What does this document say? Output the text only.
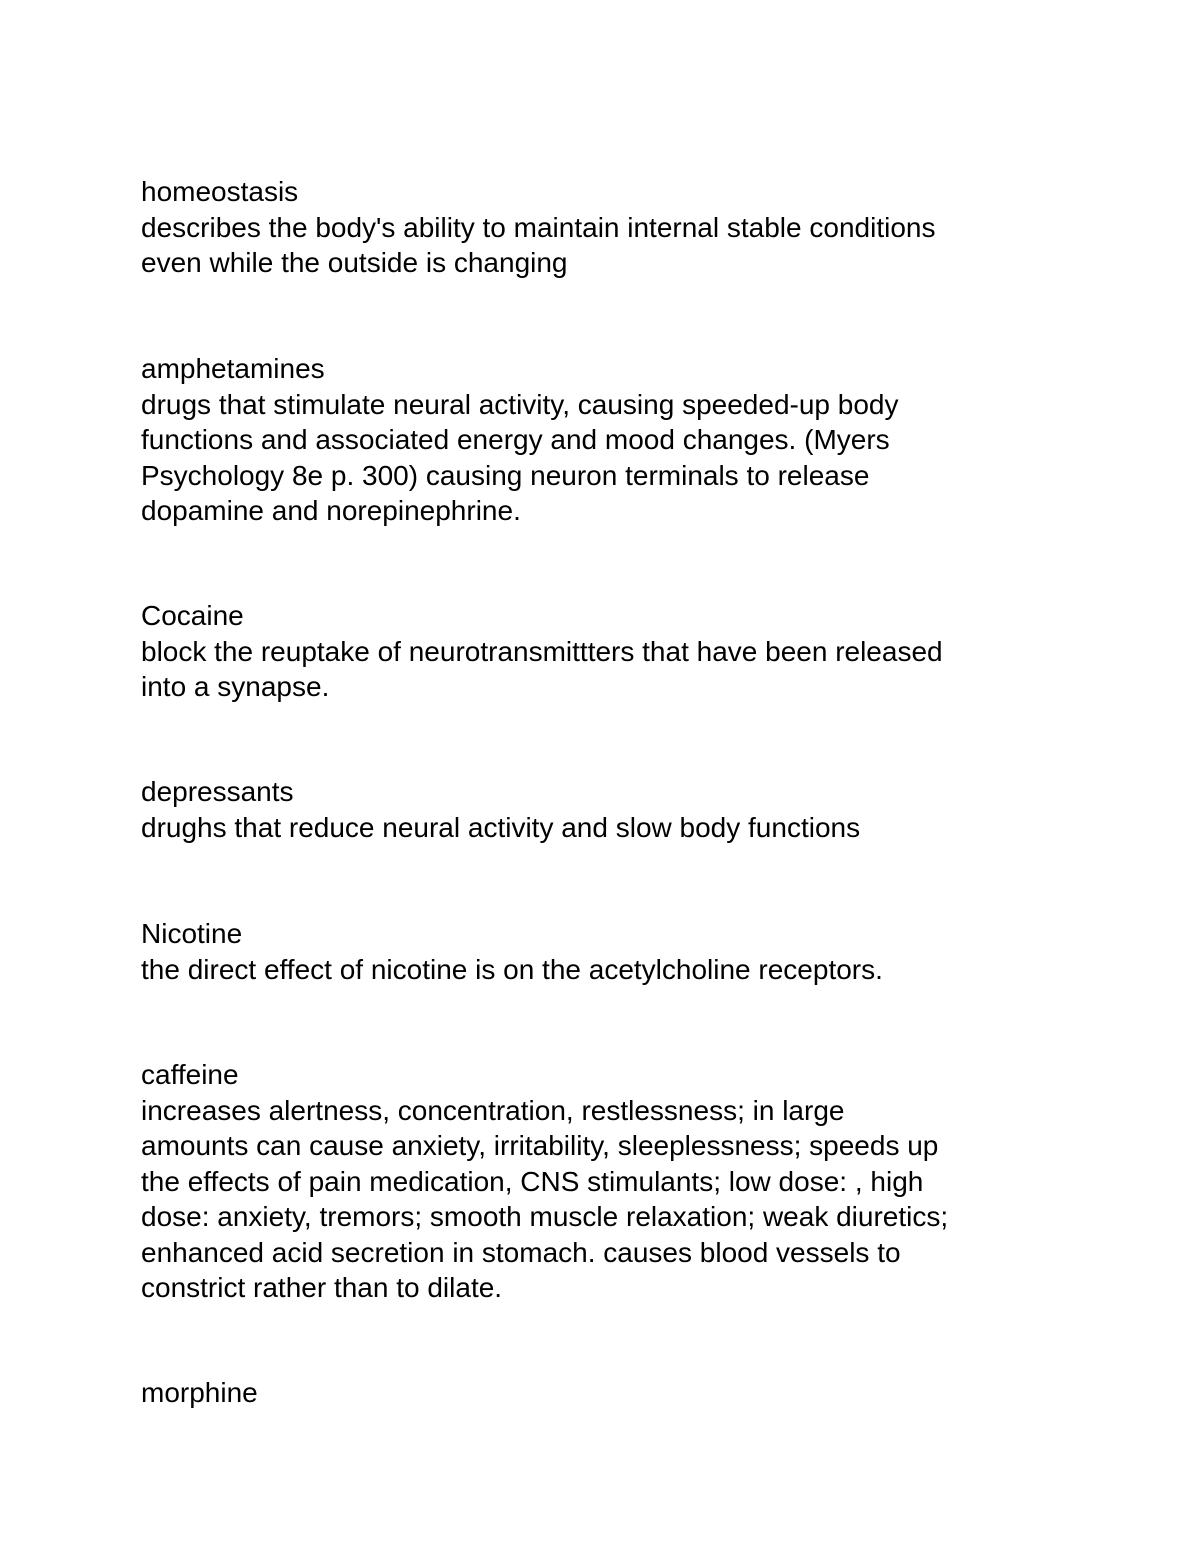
homeostasis
describes the body's ability to maintain internal stable conditions
even while the outside is changing
amphetamines
drugs that stimulate neural activity, causing speeded-up body
functions and associated energy and mood changes. (Myers
Psychology 8e p. 300) causing neuron terminals to release
dopamine and norepinephrine.
Cocaine
block the reuptake of neurotransmittters that have been released
into a synapse.
depressants
drughs that reduce neural activity and slow body functions
Nicotine
the direct effect of nicotine is on the acetylcholine receptors.
caffeine
increases alertness, concentration, restlessness; in large
amounts can cause anxiety, irritability, sleeplessness; speeds up
the effects of pain medication, CNS stimulants; low dose: , high
dose: anxiety, tremors; smooth muscle relaxation; weak diuretics;
enhanced acid secretion in stomach. causes blood vessels to
constrict rather than to dilate.
morphine
